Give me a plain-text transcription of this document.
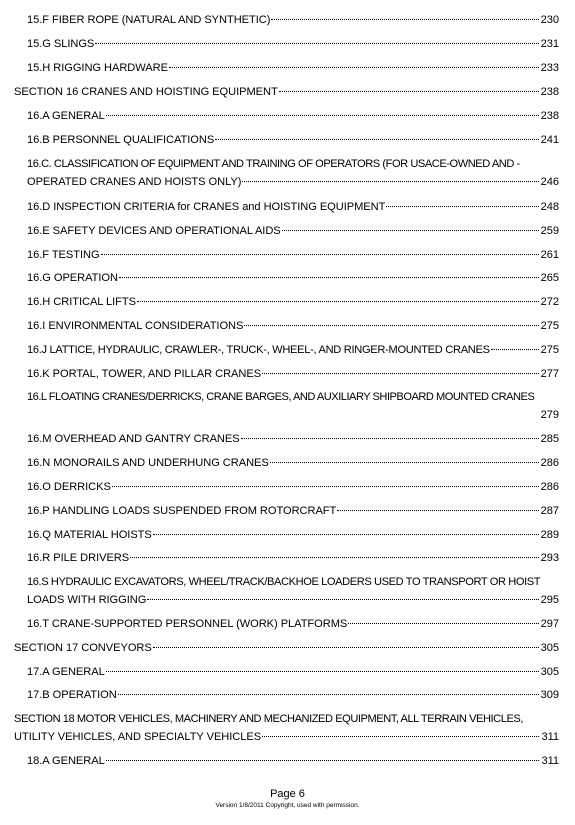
15.F FIBER ROPE (NATURAL AND SYNTHETIC)	230
15.G SLINGS	231
15.H RIGGING HARDWARE	233
SECTION 16 CRANES AND HOISTING EQUIPMENT	238
16.A GENERAL	238
16.B PERSONNEL QUALIFICATIONS	241
16.C. CLASSIFICATION OF EQUIPMENT AND TRAINING OF OPERATORS (FOR USACE-OWNED AND -
OPERATED CRANES AND HOISTS ONLY)	246
16.D INSPECTION CRITERIA for CRANES and HOISTING EQUIPMENT	248
16.E SAFETY DEVICES AND OPERATIONAL AIDS	259
16.F TESTING	261
16.G OPERATION	265
16.H CRITICAL LIFTS	272
16.I ENVIRONMENTAL CONSIDERATIONS	275
16.J LATTICE, HYDRAULIC, CRAWLER-, TRUCK-, WHEEL-, AND RINGER-MOUNTED CRANES	275
16.K PORTAL, TOWER, AND PILLAR CRANES	277
16.L FLOATING CRANES/DERRICKS, CRANE BARGES, AND AUXILIARY SHIPBOARD MOUNTED CRANES
279
16.M OVERHEAD AND GANTRY CRANES	285
16.N MONORAILS AND UNDERHUNG CRANES	286
16.O DERRICKS	286
16.P HANDLING LOADS SUSPENDED FROM ROTORCRAFT	287
16.Q MATERIAL HOISTS	289
16.R PILE DRIVERS	293
16.S HYDRAULIC EXCAVATORS, WHEEL/TRACK/BACKHOE LOADERS USED TO TRANSPORT OR HOIST
LOADS WITH RIGGING	295
16.T CRANE-SUPPORTED PERSONNEL (WORK) PLATFORMS	297
SECTION 17 CONVEYORS	305
17.A GENERAL	305
17.B OPERATION	309
SECTION 18 MOTOR VEHICLES, MACHINERY AND MECHANIZED EQUIPMENT, ALL TERRAIN VEHICLES,
UTILITY VEHICLES, AND SPECIALTY VEHICLES	311
18.A GENERAL	311
Page 6
Version 1/8/2011 Copyright, used with permission.
